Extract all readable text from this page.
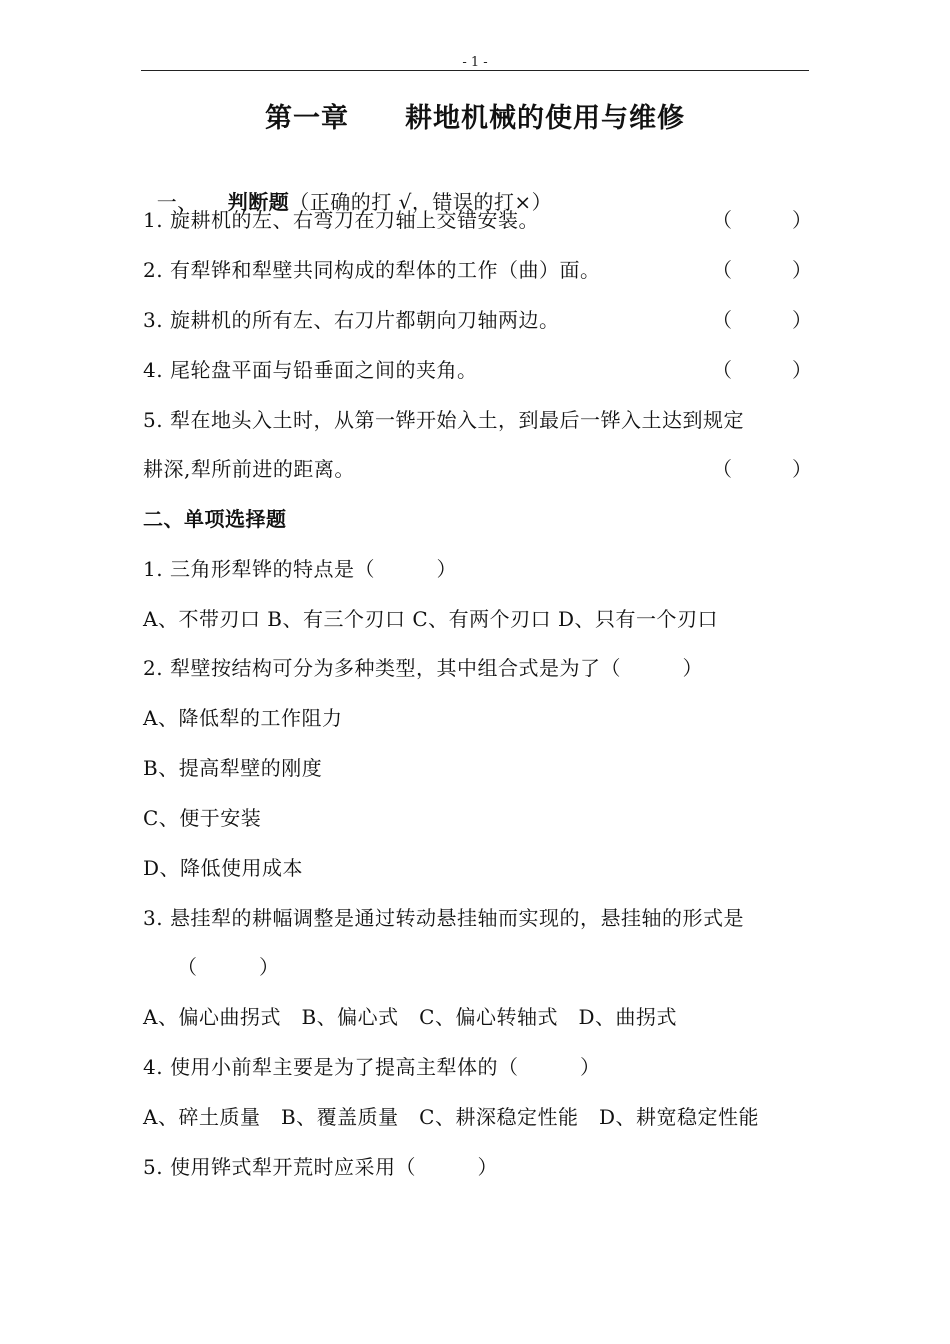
- 1 -
第一章　　耕地机械的使用与维修

一、 判断题（正确的打 √，错误的打×）

1. 旋耕机的左、右弯刀在刀轴上交错安装。	（　　　）
2. 有犁铧和犁壁共同构成的犁体的工作（曲）面。	（　　　）
3. 旋耕机的所有左、右刀片都朝向刀轴两边。	（　　　）
4. 尾轮盘平面与铅垂面之间的夹角。	（　　　）
5. 犁在地头入土时，从第一铧开始入土，到最后一铧入土达到规定
耕深,犁所前进的距离。	（　　　）
二、单项选择题
1. 三角形犁铧的特点是（　　　）
A、不带刃口 B、有三个刃口 C、有两个刃口 D、只有一个刃口
2. 犁壁按结构可分为多种类型，其中组合式是为了（　　　）
A、降低犁的工作阻力
B、提高犁壁的刚度
C、便于安装
D、降低使用成本
3. 悬挂犁的耕幅调整是通过转动悬挂轴而实现的，悬挂轴的形式是
（　　　）
A、偏心曲拐式　B、偏心式　C、偏心转轴式　D、曲拐式
4. 使用小前犁主要是为了提高主犁体的（　　　）
A、碎土质量　B、覆盖质量　C、耕深稳定性能　D、耕宽稳定性能
5. 使用铧式犁开荒时应采用（　　　）
